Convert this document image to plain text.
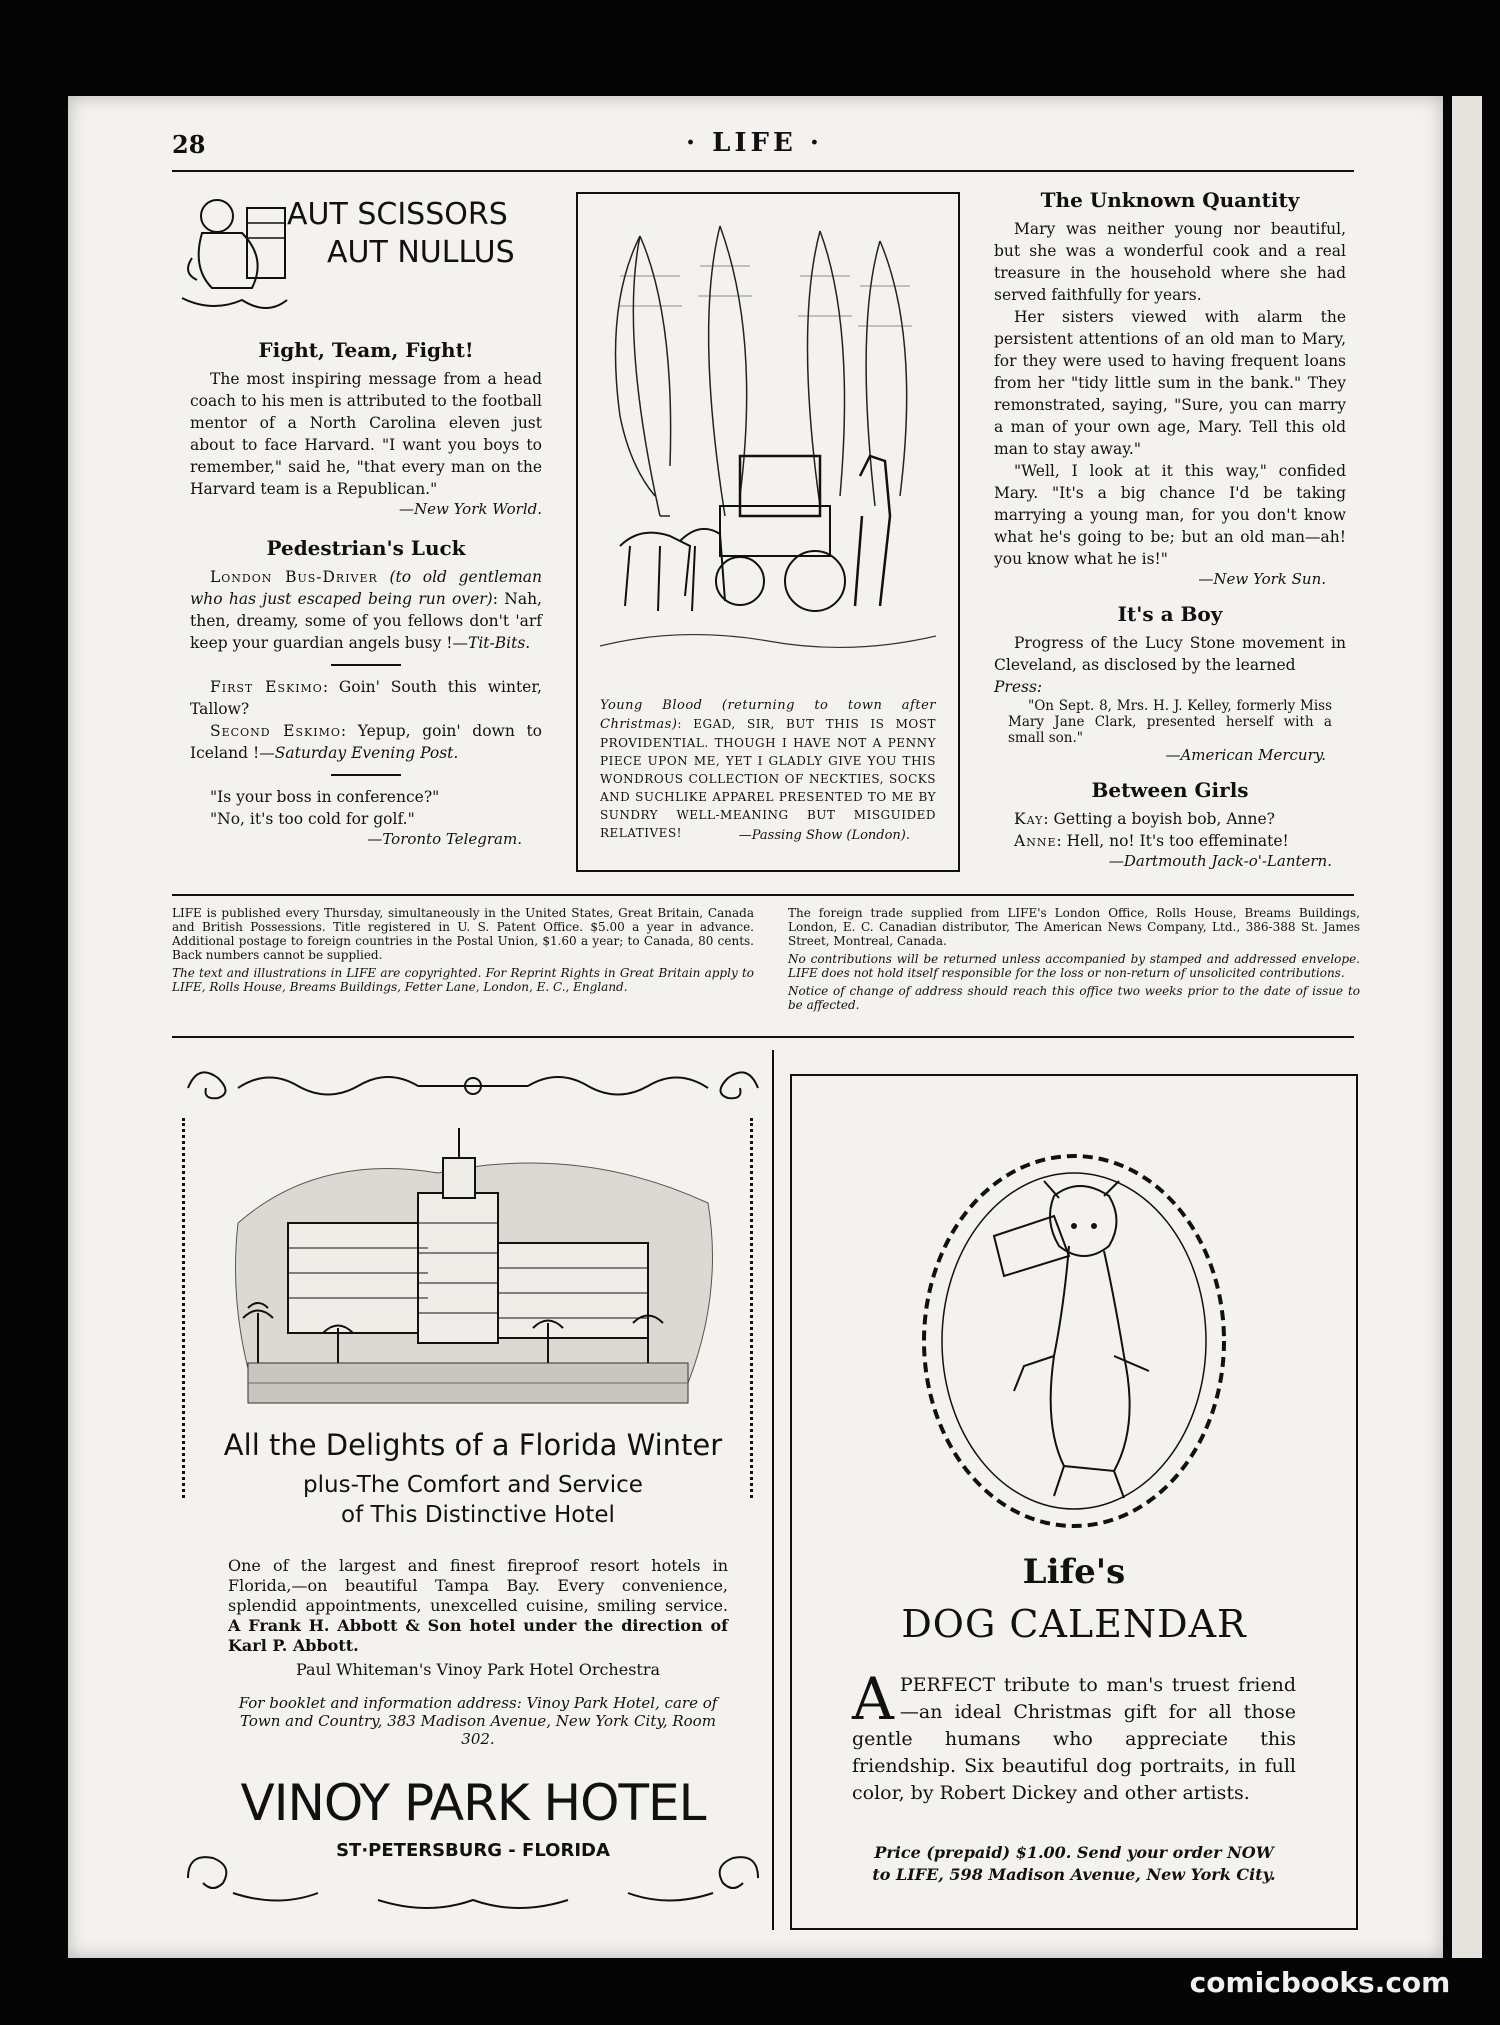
28	· LIFE ·
AUT SCISSORS
AUT NULLUS

Fight, Team, Fight!

The most inspiring message from a head coach to his men is attributed to the football mentor of a North Carolina eleven just about to face Harvard. "I want you boys to remember," said he, "that every man on the Harvard team is a Republican."

—New York World.

Pedestrian's Luck

London Bus-Driver (to old gentleman who has just escaped being run over): Nah, then, dreamy, some of you fellows don't 'arf keep your guardian angels busy !—Tit-Bits.

First Eskimo: Goin' South this winter, Tallow?

Second Eskimo: Yepup, goin' down to Iceland !—Saturday Evening Post.

"Is your boss in conference?"

"No, it's too cold for golf."

—Toronto Telegram.

Young Blood (returning to town after Christmas): EGAD, SIR, BUT THIS IS MOST PROVIDENTIAL. THOUGH I HAVE NOT A PENNY PIECE UPON ME, YET I GLADLY GIVE YOU THIS WONDROUS COLLECTION OF NECKTIES, SOCKS AND SUCHLIKE APPAREL PRESENTED TO ME BY SUNDRY WELL-MEANING BUT MISGUIDED RELATIVES!	—Passing Show (London).

The Unknown Quantity

Mary was neither young nor beautiful, but she was a wonderful cook and a real treasure in the household where she had served faithfully for years.

Her sisters viewed with alarm the persistent attentions of an old man to Mary, for they were used to having frequent loans from her "tidy little sum in the bank." They remonstrated, saying, "Sure, you can marry a man of your own age, Mary. Tell this old man to stay away."

"Well, I look at it this way," confided Mary. "It's a big chance I'd be taking marrying a young man, for you don't know what he's going to be; but an old man—ah! you know what he is!"

—New York Sun.

It's a Boy

Progress of the Lucy Stone movement in Cleveland, as disclosed by the learned

Press:

"On Sept. 8, Mrs. H. J. Kelley, formerly Miss Mary Jane Clark, presented herself with a small son."

—American Mercury.

Between Girls

Kay: Getting a boyish bob, Anne?

Anne: Hell, no! It's too effeminate!

—Dartmouth Jack-o'-Lantern.

LIFE is published every Thursday, simultaneously in the United States, Great Britain, Canada and British Possessions. Title registered in U. S. Patent Office. $5.00 a year in advance. Additional postage to foreign countries in the Postal Union, $1.60 a year; to Canada, 80 cents. Back numbers cannot be supplied.

The text and illustrations in LIFE are copyrighted. For Reprint Rights in Great Britain apply to LIFE, Rolls House, Breams Buildings, Fetter Lane, London, E. C., England.

The foreign trade supplied from LIFE's London Office, Rolls House, Breams Buildings, London, E. C. Canadian distributor, The American News Company, Ltd., 386-388 St. James Street, Montreal, Canada.

No contributions will be returned unless accompanied by stamped and addressed envelope. LIFE does not hold itself responsible for the loss or non-return of unsolicited contributions.

Notice of change of address should reach this office two weeks prior to the date of issue to be affected.

All the Delights of a Florida Winter
plus-The Comfort and Service
of This Distinctive Hotel
One of the largest and finest fireproof resort hotels in Florida,—on beautiful Tampa Bay. Every convenience, splendid appointments, unexcelled cuisine, smiling service. A Frank H. Abbott & Son hotel under the direction of Karl P. Abbott.
Paul Whiteman's Vinoy Park Hotel Orchestra
For booklet and information address: Vinoy Park Hotel, care of Town and Country, 383 Madison Avenue, New York City, Room 302.
VINOY PARK HOTEL
ST·PETERSBURG - FLORIDA
Life's
DOG CALENDAR
APERFECT tribute to man's truest friend—an ideal Christmas gift for all those gentle humans who appreciate this friendship. Six beautiful dog portraits, in full color, by Robert Dickey and other artists.
Price (prepaid) $1.00. Send your order NOW to LIFE, 598 Madison Avenue, New York City.
comicbooks.com
